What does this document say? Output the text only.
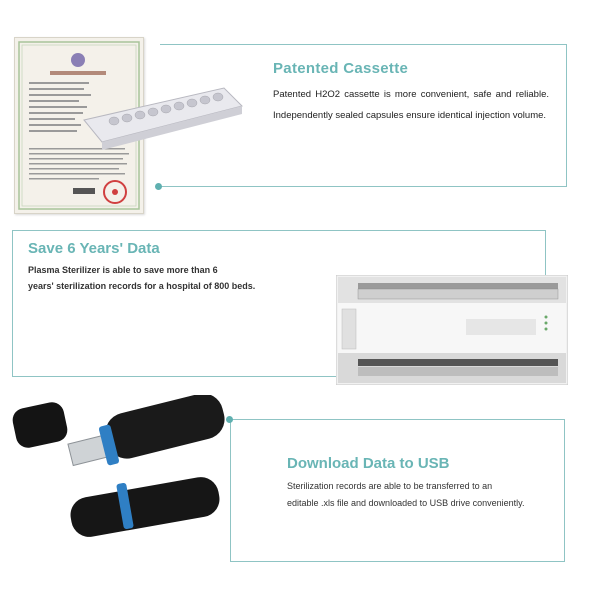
Patented Cassette
Patented H2O2 cassette is more convenient, safe and reliable. Independently sealed capsules ensure identical injection volume.
Save 6 Years' Data
Plasma Sterilizer is able to save more than 6
years' sterilization records for a hospital of 800 beds.
Download Data to USB
Sterilization records are able to be transferred to an
editable .xls file and downloaded to USB drive conveniently.
